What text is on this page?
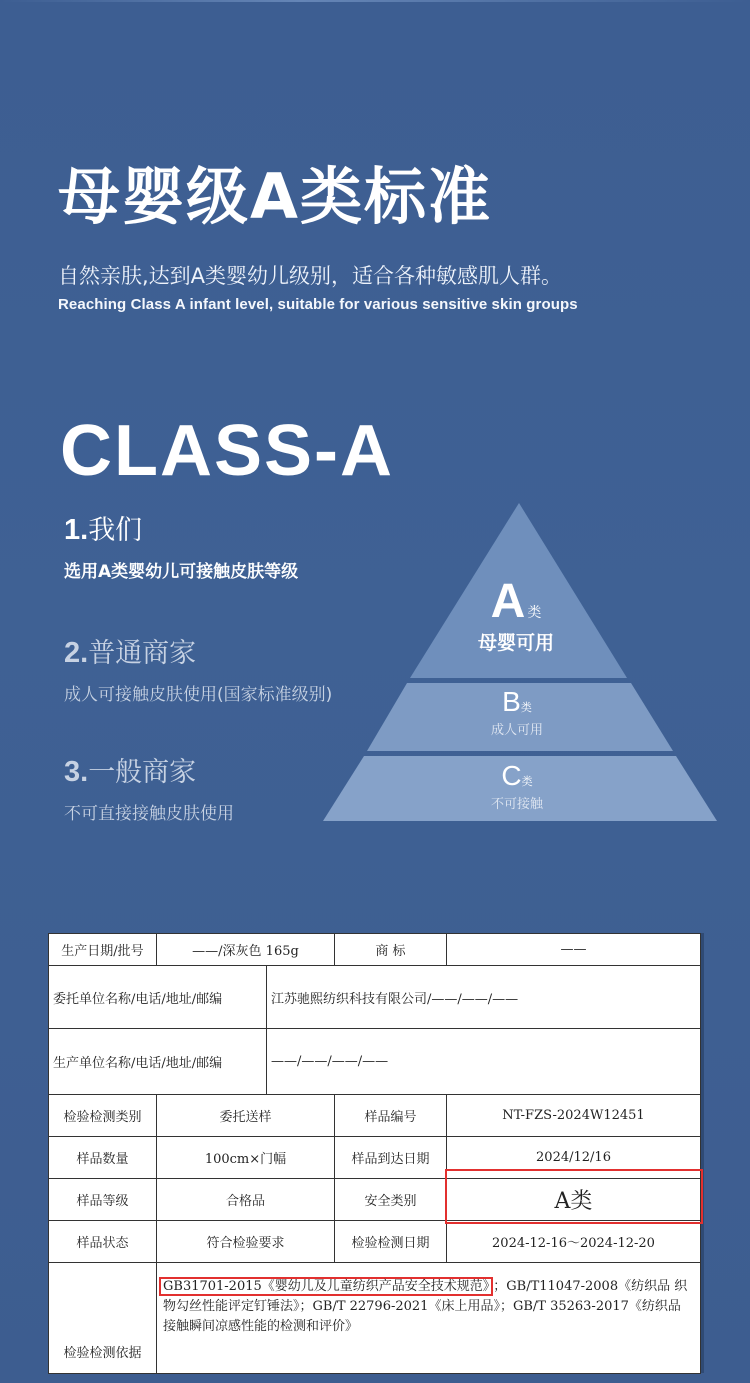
母婴级A类标准
自然亲肤,达到A类婴幼儿级别，适合各种敏感肌人群。
Reaching Class A infant level, suitable for various sensitive skin groups
CLASS-A
1.我们
选用A类婴幼儿可接触皮肤等级
2.普通商家
成人可接触皮肤使用(国家标准级别)
3.一般商家
不可直接接触皮肤使用
A类
母婴可用
B类
成人可用
C类
不可接触
生产日期/批号	——/深灰色 165g		商 标	——
委托单位名称/电话/地址/邮编		江苏驰熙纺织科技有限公司/——/——/——		
生产单位名称/电话/地址/邮编		——/——/——/——		
检验检测类别	委托送样		样品编号	NT-FZS-2024W12451
样品数量	100cm×门幅		样品到达日期	2024/12/16
样品等级	合格品		安全类别	A类
样品状态	符合检验要求		检验检测日期	2024-12-16～2024-12-20
检验检测依据	GB31701-2015《婴幼儿及儿童纺织产品安全技术规范》 ；GB/T11047-2008《纺织品 织物勾丝性能评定钉锤法》；GB/T 22796-2021《床上用品》；GB/T 35263-2017《纺织品 接触瞬间凉感性能的检测和评价》			
